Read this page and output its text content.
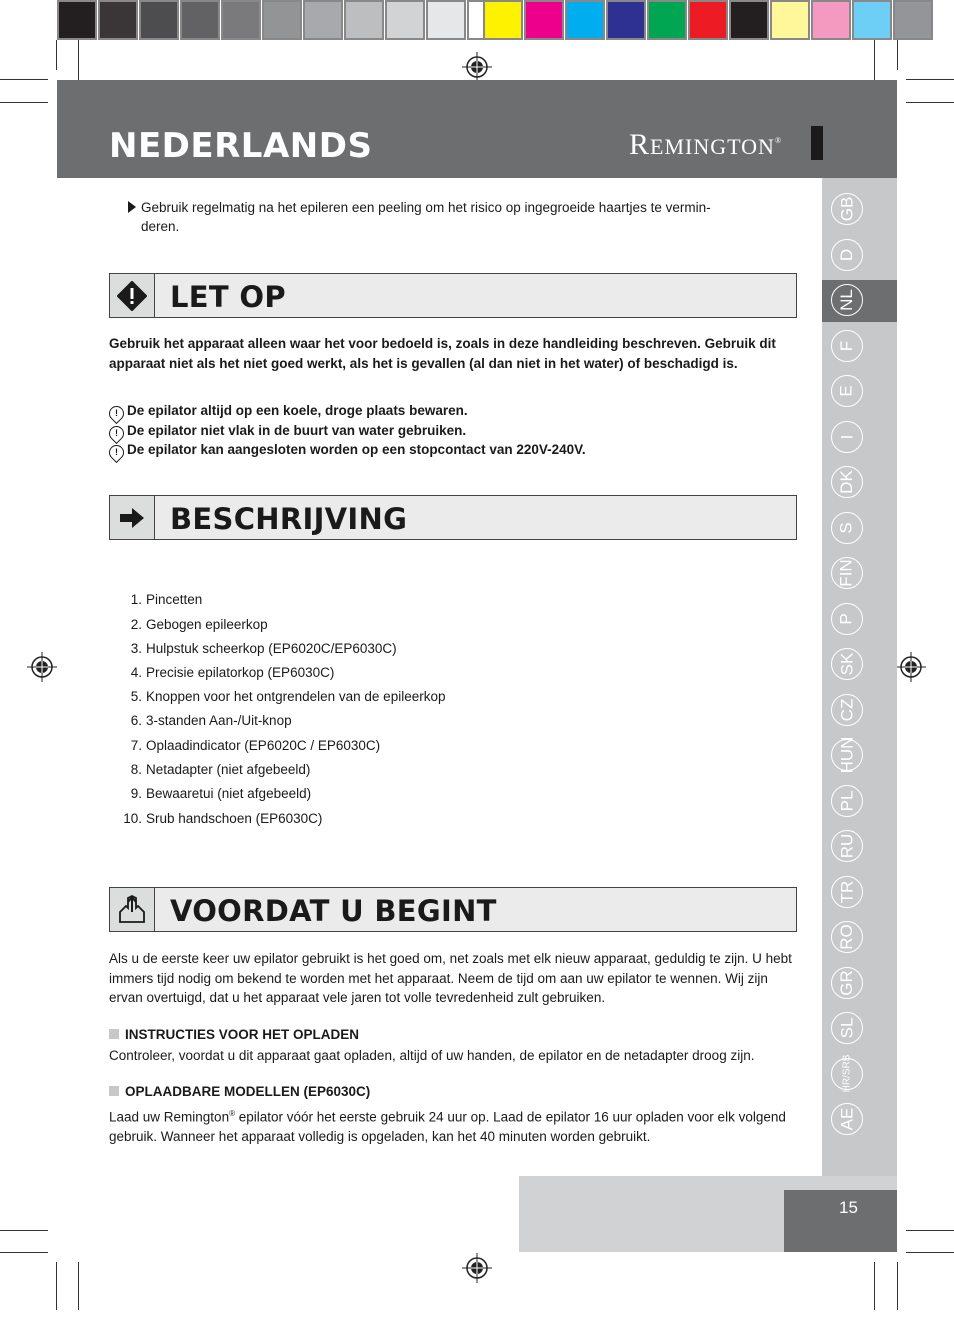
NEDERLANDS	REMINGTON®
GB
D
NL
F
E
I
DK
S
FIN
P
SK
CZ
HUN
PL
RU
TR
RO
GR
SL
HR/SRB
AE
Gebruik regelmatig na het epileren een peeling om het risico op ingegroeide haartjes te vermin-
deren.
LET OP
Gebruik het apparaat alleen waar het voor bedoeld is, zoals in deze handleiding beschreven. Gebruik dit apparaat niet als het niet goed werkt, als het is gevallen (al dan niet in het water) of beschadigd is.
! De epilator altijd op een koele, droge plaats bewaren.
! De epilator niet vlak in de buurt van water gebruiken.
! De epilator kan aangesloten worden op een stopcontact van 220V-240V.
BESCHRIJVING
1. Pincetten
2. Gebogen epileerkop
3. Hulpstuk scheerkop (EP6020C/EP6030C)
4. Precisie epilatorkop (EP6030C)
5. Knoppen voor het ontgrendelen van de epileerkop
6. 3-standen Aan-/Uit-knop
7. Oplaadindicator (EP6020C / EP6030C)
8. Netadapter (niet afgebeeld)
9. Bewaaretui (niet afgebeeld)
10. Srub handschoen (EP6030C)
VOORDAT U BEGINT
Als u de eerste keer uw epilator gebruikt is het goed om, net zoals met elk nieuw apparaat, geduldig te zijn. U hebt immers tijd nodig om bekend te worden met het apparaat. Neem de tijd om aan uw epilator te wennen. Wij zijn ervan overtuigd, dat u het apparaat vele jaren tot volle tevredenheid zult gebruiken.
INSTRUCTIES VOOR HET OPLADEN
Controleer, voordat u dit apparaat gaat opladen, altijd of uw handen, de epilator en de netadapter droog zijn.
OPLAADBARE MODELLEN (EP6030C)
Laad uw Remington® epilator vóór het eerste gebruik 24 uur op. Laad de epilator 16 uur opladen voor elk volgend gebruik. Wanneer het apparaat volledig is opgeladen, kan het 40 minuten worden gebruikt.
15
